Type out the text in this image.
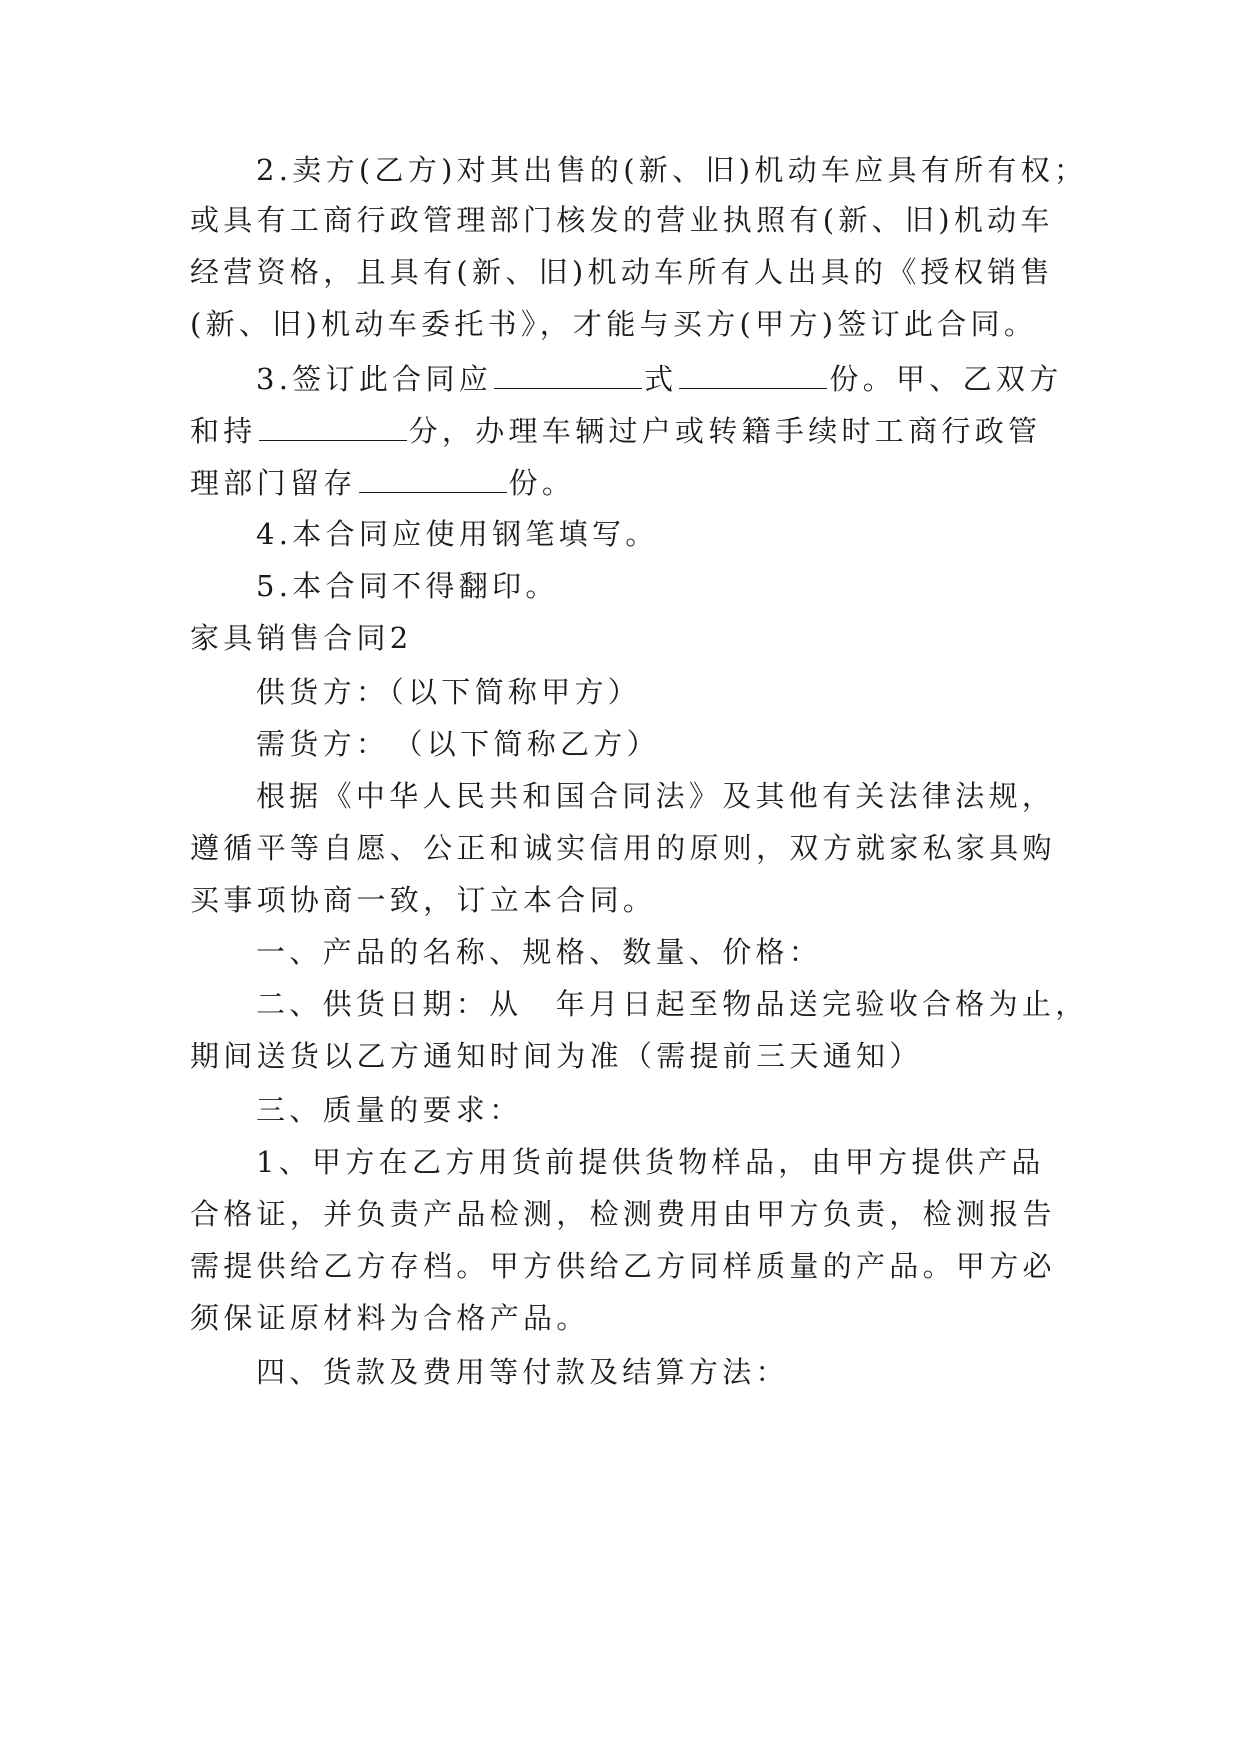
2.卖方(乙方)对其出售的(新、旧)机动车应具有所有权；

或具有工商行政管理部门核发的营业执照有(新、旧)机动车

经营资格，且具有(新、旧)机动车所有人出具的《授权销售

(新、旧)机动车委托书》，才能与买方(甲方)签订此合同。

3.签订此合同应	式	份。甲、乙双方

和持	分，办理车辆过户或转籍手续时工商行政管

理部门留存	份。

4.本合同应使用钢笔填写。

5.本合同不得翻印。

家具销售合同2

供货方：（以下简称甲方）

需货方：　（以下简称乙方）

根据《中华人民共和国合同法》及其他有关法律法规，

遵循平等自愿、公正和诚实信用的原则，双方就家私家具购

买事项协商一致，订立本合同。

一、产品的名称、规格、数量、价格：

二、供货日期：从　年月日起至物品送完验收合格为止，

期间送货以乙方通知时间为准（需提前三天通知）

三、质量的要求：

1、甲方在乙方用货前提供货物样品，由甲方提供产品

合格证，并负责产品检测，检测费用由甲方负责，检测报告

需提供给乙方存档。甲方供给乙方同样质量的产品。甲方必

须保证原材料为合格产品。

四、货款及费用等付款及结算方法：
